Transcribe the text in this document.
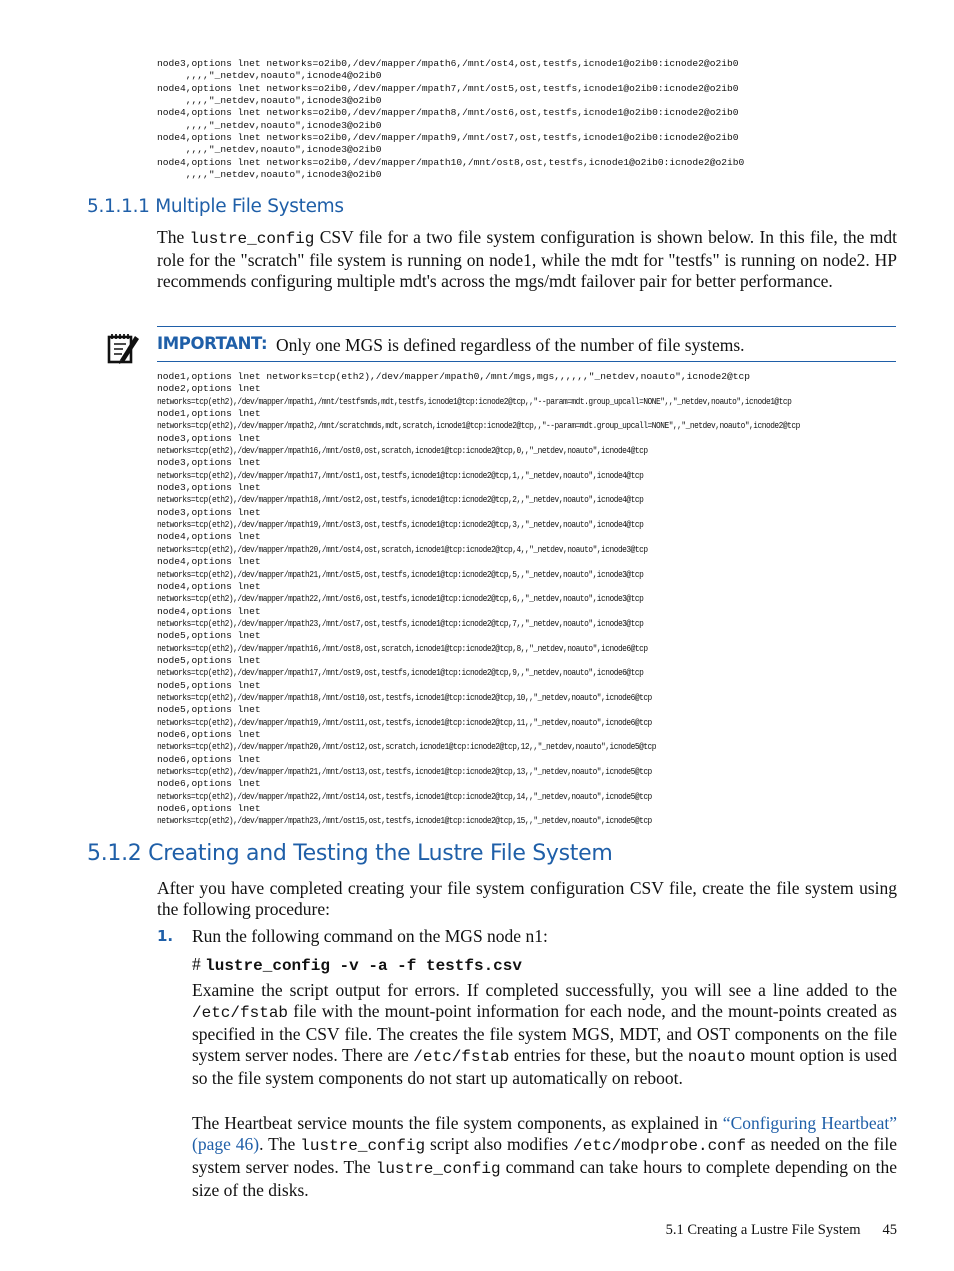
node3,options lnet networks=o2ib0,/dev/mapper/mpath6,/mnt/ost4,ost,testfs,icnode1@o2ib0:icnode2@o2ib0
,,,,"_netdev,noauto",icnode4@o2ib0
node4,options lnet networks=o2ib0,/dev/mapper/mpath7,/mnt/ost5,ost,testfs,icnode1@o2ib0:icnode2@o2ib0
,,,,"_netdev,noauto",icnode3@o2ib0
node4,options lnet networks=o2ib0,/dev/mapper/mpath8,/mnt/ost6,ost,testfs,icnode1@o2ib0:icnode2@o2ib0
,,,,"_netdev,noauto",icnode3@o2ib0
node4,options lnet networks=o2ib0,/dev/mapper/mpath9,/mnt/ost7,ost,testfs,icnode1@o2ib0:icnode2@o2ib0
,,,,"_netdev,noauto",icnode3@o2ib0
node4,options lnet networks=o2ib0,/dev/mapper/mpath10,/mnt/ost8,ost,testfs,icnode1@o2ib0:icnode2@o2ib0
,,,,"_netdev,noauto",icnode3@o2ib0

5.1.1.1 Multiple File Systems

The lustre_config CSV file for a two file system configuration is shown below. In this file, the mdt role for the "scratch" file system is running on node1, while the mdt for "testfs" is running on node2. HP recommends configuring multiple mdt's across the mgs/mdt failover pair for better performance.

IMPORTANT: Only one MGS is defined regardless of the number of file systems.
node1,options lnet networks=tcp(eth2),/dev/mapper/mpath0,/mnt/mgs,mgs,,,,,,"_netdev,noauto",icnode2@tcp
node2,options lnet
networks=tcp(eth2),/dev/mapper/mpath1,/mnt/testfsmds,mdt,testfs,icnode1@tcp:icnode2@tcp,,"--param=mdt.group_upcall=NONE",,"_netdev,noauto",icnode1@tcp
node1,options lnet
networks=tcp(eth2),/dev/mapper/mpath2,/mnt/scratchmds,mdt,scratch,icnode1@tcp:icnode2@tcp,,"--param=mdt.group_upcall=NONE",,"_netdev,noauto",icnode2@tcp
node3,options lnet
networks=tcp(eth2),/dev/mapper/mpath16,/mnt/ost0,ost,scratch,icnode1@tcp:icnode2@tcp,0,,"_netdev,noauto",icnode4@tcp
node3,options lnet
networks=tcp(eth2),/dev/mapper/mpath17,/mnt/ost1,ost,testfs,icnode1@tcp:icnode2@tcp,1,,"_netdev,noauto",icnode4@tcp
node3,options lnet
networks=tcp(eth2),/dev/mapper/mpath18,/mnt/ost2,ost,testfs,icnode1@tcp:icnode2@tcp,2,,"_netdev,noauto",icnode4@tcp
node3,options lnet
networks=tcp(eth2),/dev/mapper/mpath19,/mnt/ost3,ost,testfs,icnode1@tcp:icnode2@tcp,3,,"_netdev,noauto",icnode4@tcp
node4,options lnet
networks=tcp(eth2),/dev/mapper/mpath20,/mnt/ost4,ost,scratch,icnode1@tcp:icnode2@tcp,4,,"_netdev,noauto",icnode3@tcp
node4,options lnet
networks=tcp(eth2),/dev/mapper/mpath21,/mnt/ost5,ost,testfs,icnode1@tcp:icnode2@tcp,5,,"_netdev,noauto",icnode3@tcp
node4,options lnet
networks=tcp(eth2),/dev/mapper/mpath22,/mnt/ost6,ost,testfs,icnode1@tcp:icnode2@tcp,6,,"_netdev,noauto",icnode3@tcp
node4,options lnet
networks=tcp(eth2),/dev/mapper/mpath23,/mnt/ost7,ost,testfs,icnode1@tcp:icnode2@tcp,7,,"_netdev,noauto",icnode3@tcp
node5,options lnet
networks=tcp(eth2),/dev/mapper/mpath16,/mnt/ost8,ost,scratch,icnode1@tcp:icnode2@tcp,8,,"_netdev,noauto",icnode6@tcp
node5,options lnet
networks=tcp(eth2),/dev/mapper/mpath17,/mnt/ost9,ost,testfs,icnode1@tcp:icnode2@tcp,9,,"_netdev,noauto",icnode6@tcp
node5,options lnet
networks=tcp(eth2),/dev/mapper/mpath18,/mnt/ost10,ost,testfs,icnode1@tcp:icnode2@tcp,10,,"_netdev,noauto",icnode6@tcp
node5,options lnet
networks=tcp(eth2),/dev/mapper/mpath19,/mnt/ost11,ost,testfs,icnode1@tcp:icnode2@tcp,11,,"_netdev,noauto",icnode6@tcp
node6,options lnet
networks=tcp(eth2),/dev/mapper/mpath20,/mnt/ost12,ost,scratch,icnode1@tcp:icnode2@tcp,12,,"_netdev,noauto",icnode5@tcp
node6,options lnet
networks=tcp(eth2),/dev/mapper/mpath21,/mnt/ost13,ost,testfs,icnode1@tcp:icnode2@tcp,13,,"_netdev,noauto",icnode5@tcp
node6,options lnet
networks=tcp(eth2),/dev/mapper/mpath22,/mnt/ost14,ost,testfs,icnode1@tcp:icnode2@tcp,14,,"_netdev,noauto",icnode5@tcp
node6,options lnet
networks=tcp(eth2),/dev/mapper/mpath23,/mnt/ost15,ost,testfs,icnode1@tcp:icnode2@tcp,15,,"_netdev,noauto",icnode5@tcp

5.1.2 Creating and Testing the Lustre File System

After you have completed creating your file system configuration CSV file, create the file system using the following procedure:

1. Run the following command on the MGS node n1:
# lustre_config -v -a -f testfs.csv

Examine the script output for errors. If completed successfully, you will see a line added to the /etc/fstab file with the mount-point information for each node, and the mount-points created as specified in the CSV file. The creates the file system MGS, MDT, and OST components on the file system server nodes. There are /etc/fstab entries for these, but the noauto mount option is used so the file system components do not start up automatically on reboot.

The Heartbeat service mounts the file system components, as explained in “Configuring Heartbeat” (page 46). The lustre_config script also modifies /etc/modprobe.conf as needed on the file system server nodes. The lustre_config command can take hours to complete depending on the size of the disks.

5.1 Creating a Lustre File System 45
